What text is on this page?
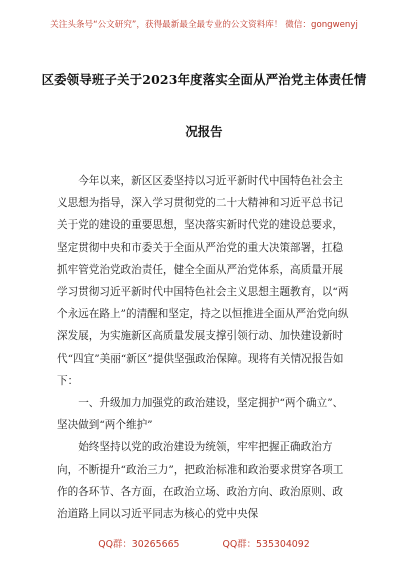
关注头条号“公文研究”，获得最新最全最专业的公文资料库！ 微信：gongwenyj
区委领导班子关于2023年度落实全面从严治党主体责任情
况报告

今年以来，新区区委坚持以习近平新时代中国特色社会主义思想为指导，深入学习贯彻党的二十大精神和习近平总书记关于党的建设的重要思想，坚决落实新时代党的建设总要求，坚定贯彻中央和市委关于全面从严治党的重大决策部署，扛稳抓牢管党治党政治责任，健全全面从严治党体系，高质量开展学习贯彻习近平新时代中国特色社会主义思想主题教育，以“两个永远在路上”的清醒和坚定，持之以恒推进全面从严治党向纵深发展，为实施新区高质量发展支撑引领行动、加快建设新时代“四宜”美丽“新区”提供坚强政治保障。现将有关情况报告如下：

一、升级加力加强党的政治建设，坚定拥护“两个确立”、坚决做到“两个维护”

始终坚持以党的政治建设为统领，牢牢把握正确政治方向，不断提升“政治三力”，把政治标准和政治要求贯穿各项工作的各环节、各方面，在政治立场、政治方向、政治原则、政治道路上同以习近平同志为核心的党中央保

QQ群：30265665	QQ群：535304092
